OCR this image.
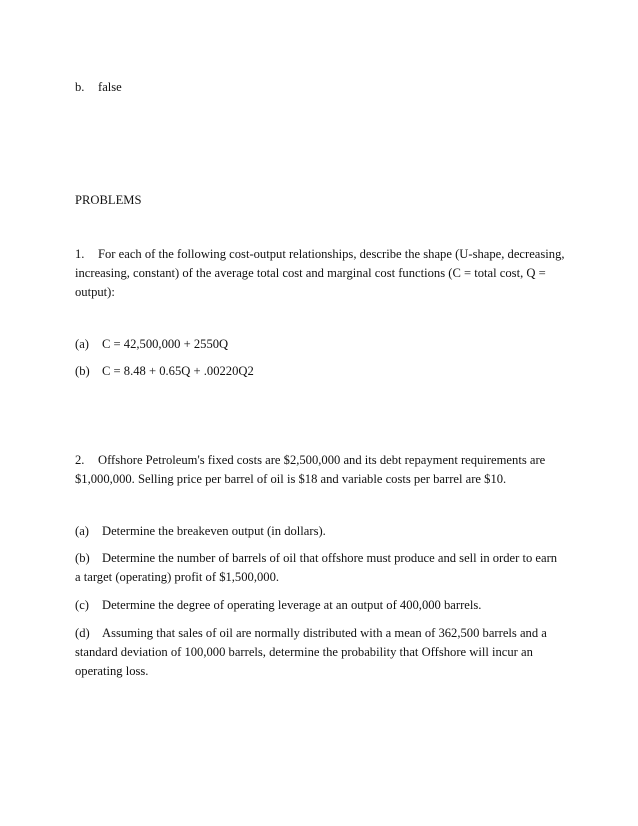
b. false
PROBLEMS
1. For each of the following cost-output relationships, describe the shape (U-shape, decreasing, increasing, constant) of the average total cost and marginal cost functions (C = total cost, Q = output):
(a) C = 42,500,000 + 2550Q
(b) C = 8.48 + 0.65Q + .00220Q2
2. Offshore Petroleum's fixed costs are $2,500,000 and its debt repayment requirements are $1,000,000. Selling price per barrel of oil is $18 and variable costs per barrel are $10.
(a) Determine the breakeven output (in dollars).
(b) Determine the number of barrels of oil that offshore must produce and sell in order to earn a target (operating) profit of $1,500,000.
(c) Determine the degree of operating leverage at an output of 400,000 barrels.
(d) Assuming that sales of oil are normally distributed with a mean of 362,500 barrels and a standard deviation of 100,000 barrels, determine the probability that Offshore will incur an operating loss.
